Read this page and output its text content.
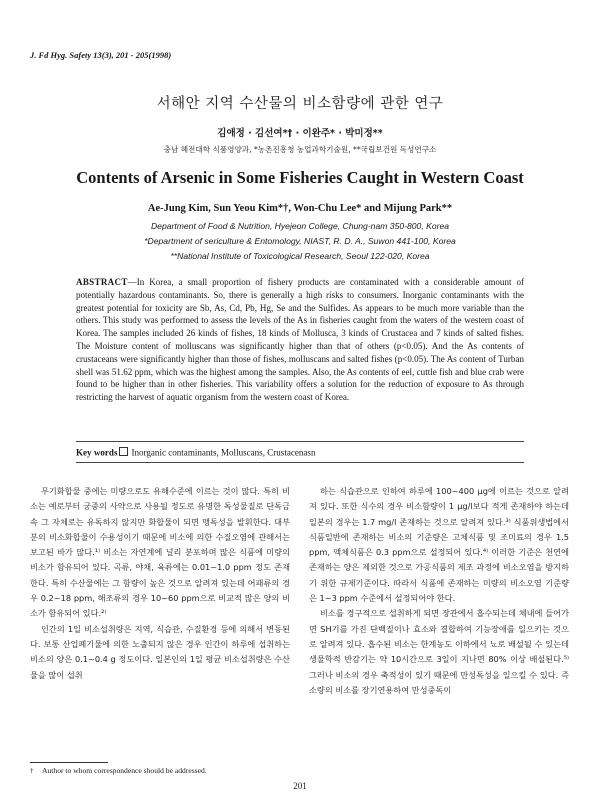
J. Fd Hyg. Safety 13(3), 201 - 205(1998)
서해안 지역 수산물의 비소함량에 관한 연구
김애정 · 김선여*† · 이완주* · 박미정**
충남 혜전대학 식품영양과, *농촌진흥청 농업과학기술원, **국립보건원 독성연구소
Contents of Arsenic in Some Fisheries Caught in Western Coast
Ae-Jung Kim, Sun Yeou Kim*†, Won-Chu Lee* and Mijung Park**
Department of Food & Nutrition, Hyejeon College, Chung-nam 350-800, Korea
*Department of sericulture & Entomology, NIAST, R. D. A., Suwon 441-100, Korea
**National Institute of Toxicological Research, Seoul 122-020, Korea
ABSTRACT—In Korea, a small proportion of fishery products are contaminated with a considerable amount of potentially hazardous contaminants. So, there is generally a high risks to consumers. Inorganic contaminants with the greatest potential for toxicity are Sb, As, Cd, Pb, Hg, Se and the Sulfides. As appears to be much more variable than the others. This study was performed to assess the levels of the As in fisheries caught from the waters of the western coast of Korea. The samples included 26 kinds of fishes, 18 kinds of Mollusca, 3 kinds of Crustacea and 7 kinds of salted fishes. The Moisture content of molluscans was significantly higher than that of others (p<0.05). And the As contents of crustaceans were significantly higher than those of fishes, molluscans and salted fishes (p<0.05). The As content of Turban shell was 51.62 ppm, which was the highest among the samples. Also, the As contents of eel, cuttle fish and blue crab were found to be higher than in other fisheries. This variability offers a solution for the reduction of exposure to As through restricting the harvest of aquatic organism from the western coast of Korea.
Key words Inorganic contaminants, Molluscans, Crustacenasn

무기화합물 중에는 미량으로도 유해수준에 이르는 것이 많다. 특히 비소는 예로부터 궁중의 사약으로 사용될 정도로 유명한 독성물질로 단독금속 그 자체로는 유독하지 않지만 화합물이 되면 맹독성을 발휘한다. 대부분의 비소화합물이 수용성이기 때문에 비소에 의한 수질오염에 관해서는 보고된 바가 많다.¹⁾ 비소는 자연계에 널리 분포하며 많은 식품에 미량의 비소가 함유되어 있다. 곡류, 야채, 육류에는 0.01~1.0 ppm 정도 존재한다. 특히 수산물에는 그 함량이 높은 것으로 알려져 있는데 어패류의 경우 0.2~18 ppm, 해조류의 경우 10~60 ppm으로 비교적 많은 양의 비소가 함유되어 있다.²⁾

인간의 1일 비소섭취량은 지역, 식습관, 수질환경 등에 의해서 변동된다. 보통 산업폐기물에 의한 노출되지 않은 경우 인간이 하루에 섭취하는 비소의 양은 0.1~0.4 g 정도이다. 일본인의 1일 평균 비소섭취량은 수산물을 많이 섭취

하는 식습관으로 인하여 하루에 100~400 μg에 이르는 것으로 알려져 있다. 또한 식수의 경우 비소함량이 1 μg/l보다 적게 존재하야 하는데 일본의 경우는 1.7 mg/l 존재하는 것으로 알려져 있다.³⁾ 식품위생법에서 식품일반에 존재하는 비소의 기준량은 고체식품 및 조미료의 경우 1.5 ppm, 액체식품은 0.3 ppm으로 설정되어 있다.⁴⁾ 이러한 기준은 천연에 존재하는 양은 제외한 것으로 가공식품의 제조 과정에 비소오염을 방지하기 위한 규제기준이다. 따라서 식품에 존재하는 미량의 비소오염 기준량은 1~3 ppm 수준에서 설정되어야 한다.

비소를 경구적으로 섭취하게 되면 장관에서 흡수되는데 체내에 들어가면 SH기를 가진 단백질이나 효소와 결합하여 기능장애를 일으키는 것으로 알려져 있다. 흡수된 비소는 한계농도 이하에서 뇨로 배설될 수 있는데 생물학적 반감기는 약 10시간으로 3일이 지나면 80% 이상 배설된다.⁵⁾ 그러나 비소의 경우 축적성이 있기 때문에 만성독성을 일으킬 수 있다. 즉 소량의 비소를 장기연용하여 만성중독이

† Author to whom correspondence should be addressed.
201
